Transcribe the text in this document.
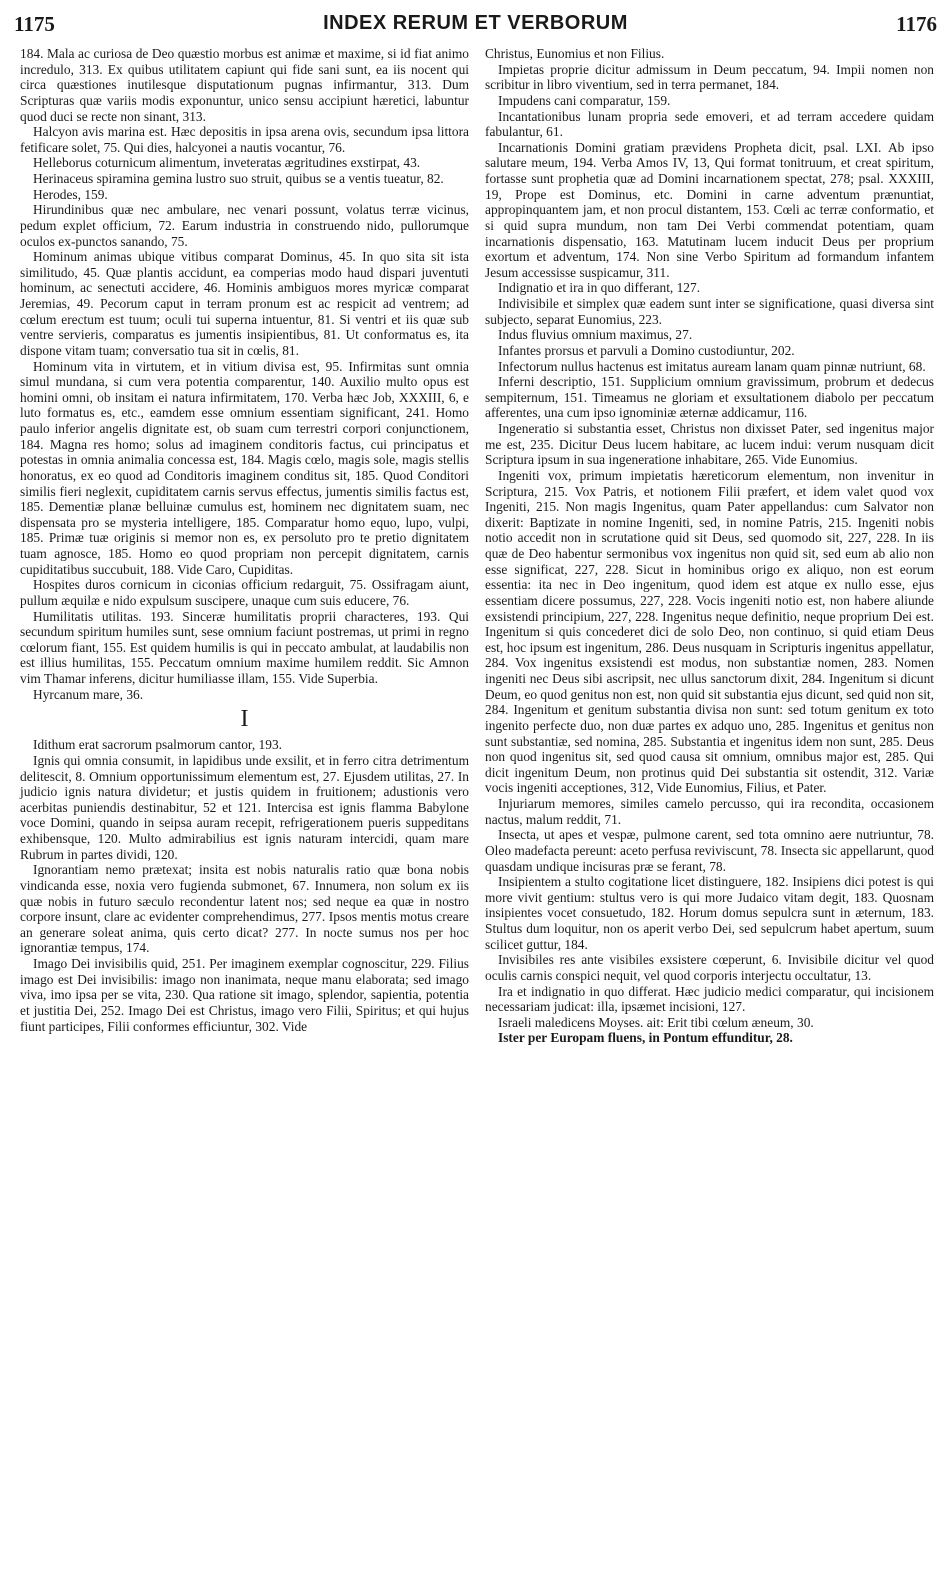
1175	INDEX RERUM ET VERBORUM	1176

184. Mala ac curiosa de Deo quæstio morbus est animæ et maxime, si id fiat animo incredulo, 313. Ex quibus utilitatem capiunt qui fide sani sunt, ea iis nocent qui circa quæstiones inutilesque disputationum pugnas infirmantur, 313. Dum Scripturas quæ variis modis exponuntur, unico sensu accipiunt hæretici, labuntur quod duci se recte non sinant, 313.

Halcyon avis marina est. Hæc depositis in ipsa arena ovis, secundum ipsa littora fetificare solet, 75. Qui dies, halcyonei a nautis vocantur, 76.

Helleborus coturnicum alimentum, inveteratas ægritudines exstirpat, 43.

Herinaceus spiramina gemina lustro suo struit, quibus se a ventis tueatur, 82.

Herodes, 159.

Hirundinibus quæ nec ambulare, nec venari possunt, volatus terræ vicinus, pedum explet officium, 72. Earum industria in construendo nido, pullorumque oculos ex-punctos sanando, 75.

Hominum animas ubique vitibus comparat Dominus, 45. In quo sita sit ista similitudo, 45. Quæ plantis accidunt, ea comperias modo haud dispari juventuti hominum, ac senectuti accidere, 46. Hominis ambiguos mores myricæ comparat Jeremias, 49. Pecorum caput in terram pronum est ac respicit ad ventrem; ad cœlum erectum est tuum; oculi tui superna intuentur, 81. Si ventri et iis quæ sub ventre servieris, comparatus es jumentis insipientibus, 81. Ut conformatus es, ita dispone vitam tuam; conversatio tua sit in cœlis, 81.

Hominum vita in virtutem, et in vitium divisa est, 95. Infirmitas sunt omnia simul mundana, si cum vera potentia comparentur, 140. Auxilio multo opus est homini omni, ob insitam ei natura infirmitatem, 170. Verba hæc Job, XXXIII, 6, e luto formatus es, etc., eamdem esse omnium essentiam significant, 241. Homo paulo inferior angelis dignitate est, ob suam cum terrestri corpori conjunctionem, 184. Magna res homo; solus ad imaginem conditoris factus, cui principatus et potestas in omnia animalia concessa est, 184. Magis cœlo, magis sole, magis stellis honoratus, ex eo quod ad Conditoris imaginem conditus sit, 185. Quod Conditori similis fieri neglexit, cupiditatem carnis servus effectus, jumentis similis factus est, 185. Dementiæ planæ belluinæ cumulus est, hominem nec dignitatem suam, nec dispensata pro se mysteria intelligere, 185. Comparatur homo equo, lupo, vulpi, 185. Primæ tuæ originis si memor non es, ex persoluto pro te pretio dignitatem tuam agnosce, 185. Homo eo quod propriam non percepit dignitatem, carnis cupiditatibus succubuit, 188. Vide Caro, Cupiditas.

Hospites duros cornicum in ciconias officium redarguit, 75. Ossifragam aiunt, pullum æquilæ e nido expulsum suscipere, unaque cum suis educere, 76.

Humilitatis utilitas. 193. Sinceræ humilitatis proprii characteres, 193. Qui secundum spiritum humiles sunt, sese omnium faciunt postremas, ut primi in regno cœlorum fiant, 155. Est quidem humilis is qui in peccato ambulat, at laudabilis non est illius humilitas, 155. Peccatum omnium maxime humilem reddit. Sic Amnon vim Thamar inferens, dicitur humiliasse illam, 155. Vide Superbia.

Hyrcanum mare, 36.

I

Idithum erat sacrorum psalmorum cantor, 193.

Ignis qui omnia consumit, in lapidibus unde exsilit, et in ferro citra detrimentum delitescit, 8. Omnium opportunissimum elementum est, 27. Ejusdem utilitas, 27. In judicio ignis natura dividetur; et justis quidem in fruitionem; adustionis vero acerbitas puniendis destinabitur, 52 et 121. Intercisa est ignis flamma Babylone voce Domini, quando in seipsa auram recepit, refrigerationem pueris suppeditans exhibensque, 120. Multo admirabilius est ignis naturam intercidi, quam mare Rubrum in partes dividi, 120.

Ignorantiam nemo prætexat; insita est nobis naturalis ratio quæ bona nobis vindicanda esse, noxia vero fugienda submonet, 67. Innumera, non solum ex iis quæ nobis in futuro sæculo recondentur latent nos; sed neque ea quæ in nostro corpore insunt, clare ac evidenter comprehendimus, 277. Ipsos mentis motus creare an generare soleat anima, quis certo dicat? 277. In nocte sumus nos per hoc ignorantiæ tempus, 174.

Imago Dei invisibilis quid, 251. Per imaginem exemplar cognoscitur, 229. Filius imago est Dei invisibilis: imago non inanimata, neque manu elaborata; sed imago viva, imo ipsa per se vita, 230. Qua ratione sit imago, splendor, sapientia, potentia et justitia Dei, 252. Imago Dei est Christus, imago vero Filii, Spiritus; et qui hujus fiunt participes, Filii conformes efficiuntur, 302. Vide

Christus, Eunomius et non Filius.

Impietas proprie dicitur admissum in Deum peccatum, 94. Impii nomen non scribitur in libro viventium, sed in terra permanet, 184.

Impudens cani comparatur, 159.

Incantationibus lunam propria sede emoveri, et ad terram accedere quidam fabulantur, 61.

Incarnationis Domini gratiam prævidens Propheta dicit, psal. LXI. Ab ipso salutare meum, 194. Verba Amos IV, 13, Qui format tonitruum, et creat spiritum, fortasse sunt prophetia quæ ad Domini incarnationem spectat, 278; psal. XXXIII, 19, Prope est Dominus, etc. Domini in carne adventum prænuntiat, appropinquantem jam, et non procul distantem, 153. Cœli ac terræ conformatio, et si quid supra mundum, non tam Dei Verbi commendat potentiam, quam incarnationis dispensatio, 163. Matutinam lucem inducit Deus per proprium exortum et adventum, 174. Non sine Verbo Spiritum ad formandum infantem Jesum accessisse suspicamur, 311.

Indignatio et ira in quo differant, 127.

Indivisibile et simplex quæ eadem sunt inter se significatione, quasi diversa sint subjecto, separat Eunomius, 223.

Indus fluvius omnium maximus, 27.

Infantes prorsus et parvuli a Domino custodiuntur, 202.

Infectorum nullus hactenus est imitatus auream lanam quam pinnæ nutriunt, 68.

Inferni descriptio, 151. Supplicium omnium gravissimum, probrum et dedecus sempiternum, 151. Timeamus ne gloriam et exsultationem diabolo per peccatum afferentes, una cum ipso ignominiæ æternæ addicamur, 116.

Ingeneratio si substantia esset, Christus non dixisset Pater, sed ingenitus major me est, 235. Dicitur Deus lucem habitare, ac lucem indui: verum nusquam dicit Scriptura ipsum in sua ingeneratione inhabitare, 265. Vide Eunomius.

Ingeniti vox, primum impietatis hæreticorum elementum, non invenitur in Scriptura, 215. Vox Patris, et notionem Filii præfert, et idem valet quod vox Ingeniti, 215. Non magis Ingenitus, quam Pater appellandus: cum Salvator non dixerit: Baptizate in nomine Ingeniti, sed, in nomine Patris, 215. Ingeniti nobis notio accedit non in scrutatione quid sit Deus, sed quomodo sit, 227, 228. In iis quæ de Deo habentur sermonibus vox ingenitus non quid sit, sed eum ab alio non esse significat, 227, 228. Sicut in hominibus origo ex aliquo, non est eorum essentia: ita nec in Deo ingenitum, quod idem est atque ex nullo esse, ejus essentiam dicere possumus, 227, 228. Vocis ingeniti notio est, non habere aliunde exsistendi principium, 227, 228. Ingenitus neque definitio, neque proprium Dei est. Ingenitum si quis concederet dici de solo Deo, non continuo, si quid etiam Deus est, hoc ipsum est ingenitum, 286. Deus nusquam in Scripturis ingenitus appellatur, 284. Vox ingenitus exsistendi est modus, non substantiæ nomen, 283. Nomen ingeniti nec Deus sibi ascripsit, nec ullus sanctorum dixit, 284. Ingenitum si dicunt Deum, eo quod genitus non est, non quid sit substantia ejus dicunt, sed quid non sit, 284. Ingenitum et genitum substantia divisa non sunt: sed totum genitum ex toto ingenito perfecte duo, non duæ partes ex adquo uno, 285. Ingenitus et genitus non sunt substantiæ, sed nomina, 285. Substantia et ingenitus idem non sunt, 285. Deus non quod ingenitus sit, sed quod causa sit omnium, omnibus major est, 285. Qui dicit ingenitum Deum, non protinus quid Dei substantia sit ostendit, 312. Variæ vocis ingeniti acceptiones, 312, Vide Eunomius, Filius, et Pater.

Injuriarum memores, similes camelo percusso, qui ira recondita, occasionem nactus, malum reddit, 71.

Insecta, ut apes et vespæ, pulmone carent, sed tota omnino aere nutriuntur, 78. Oleo madefacta pereunt: aceto perfusa reviviscunt, 78. Insecta sic appellarunt, quod quasdam undique incisuras præ se ferant, 78.

Insipientem a stulto cogitatione licet distinguere, 182. Insipiens dici potest is qui more vivit gentium: stultus vero is qui more Judaico vitam degit, 183. Quosnam insipientes vocet consuetudo, 182. Horum domus sepulcra sunt in æternum, 183. Stultus dum loquitur, non os aperit verbo Dei, sed sepulcrum habet apertum, suum scilicet guttur, 184.

Invisibiles res ante visibiles exsistere cœperunt, 6. Invisibile dicitur vel quod oculis carnis conspici nequit, vel quod corporis interjectu occultatur, 13.

Ira et indignatio in quo differat. Hæc judicio medici comparatur, qui incisionem necessariam judicat: illa, ipsæmet incisioni, 127.

Israeli maledicens Moyses. ait: Erit tibi cœlum æneum, 30.

Ister per Europam fluens, in Pontum effunditur, 28.
